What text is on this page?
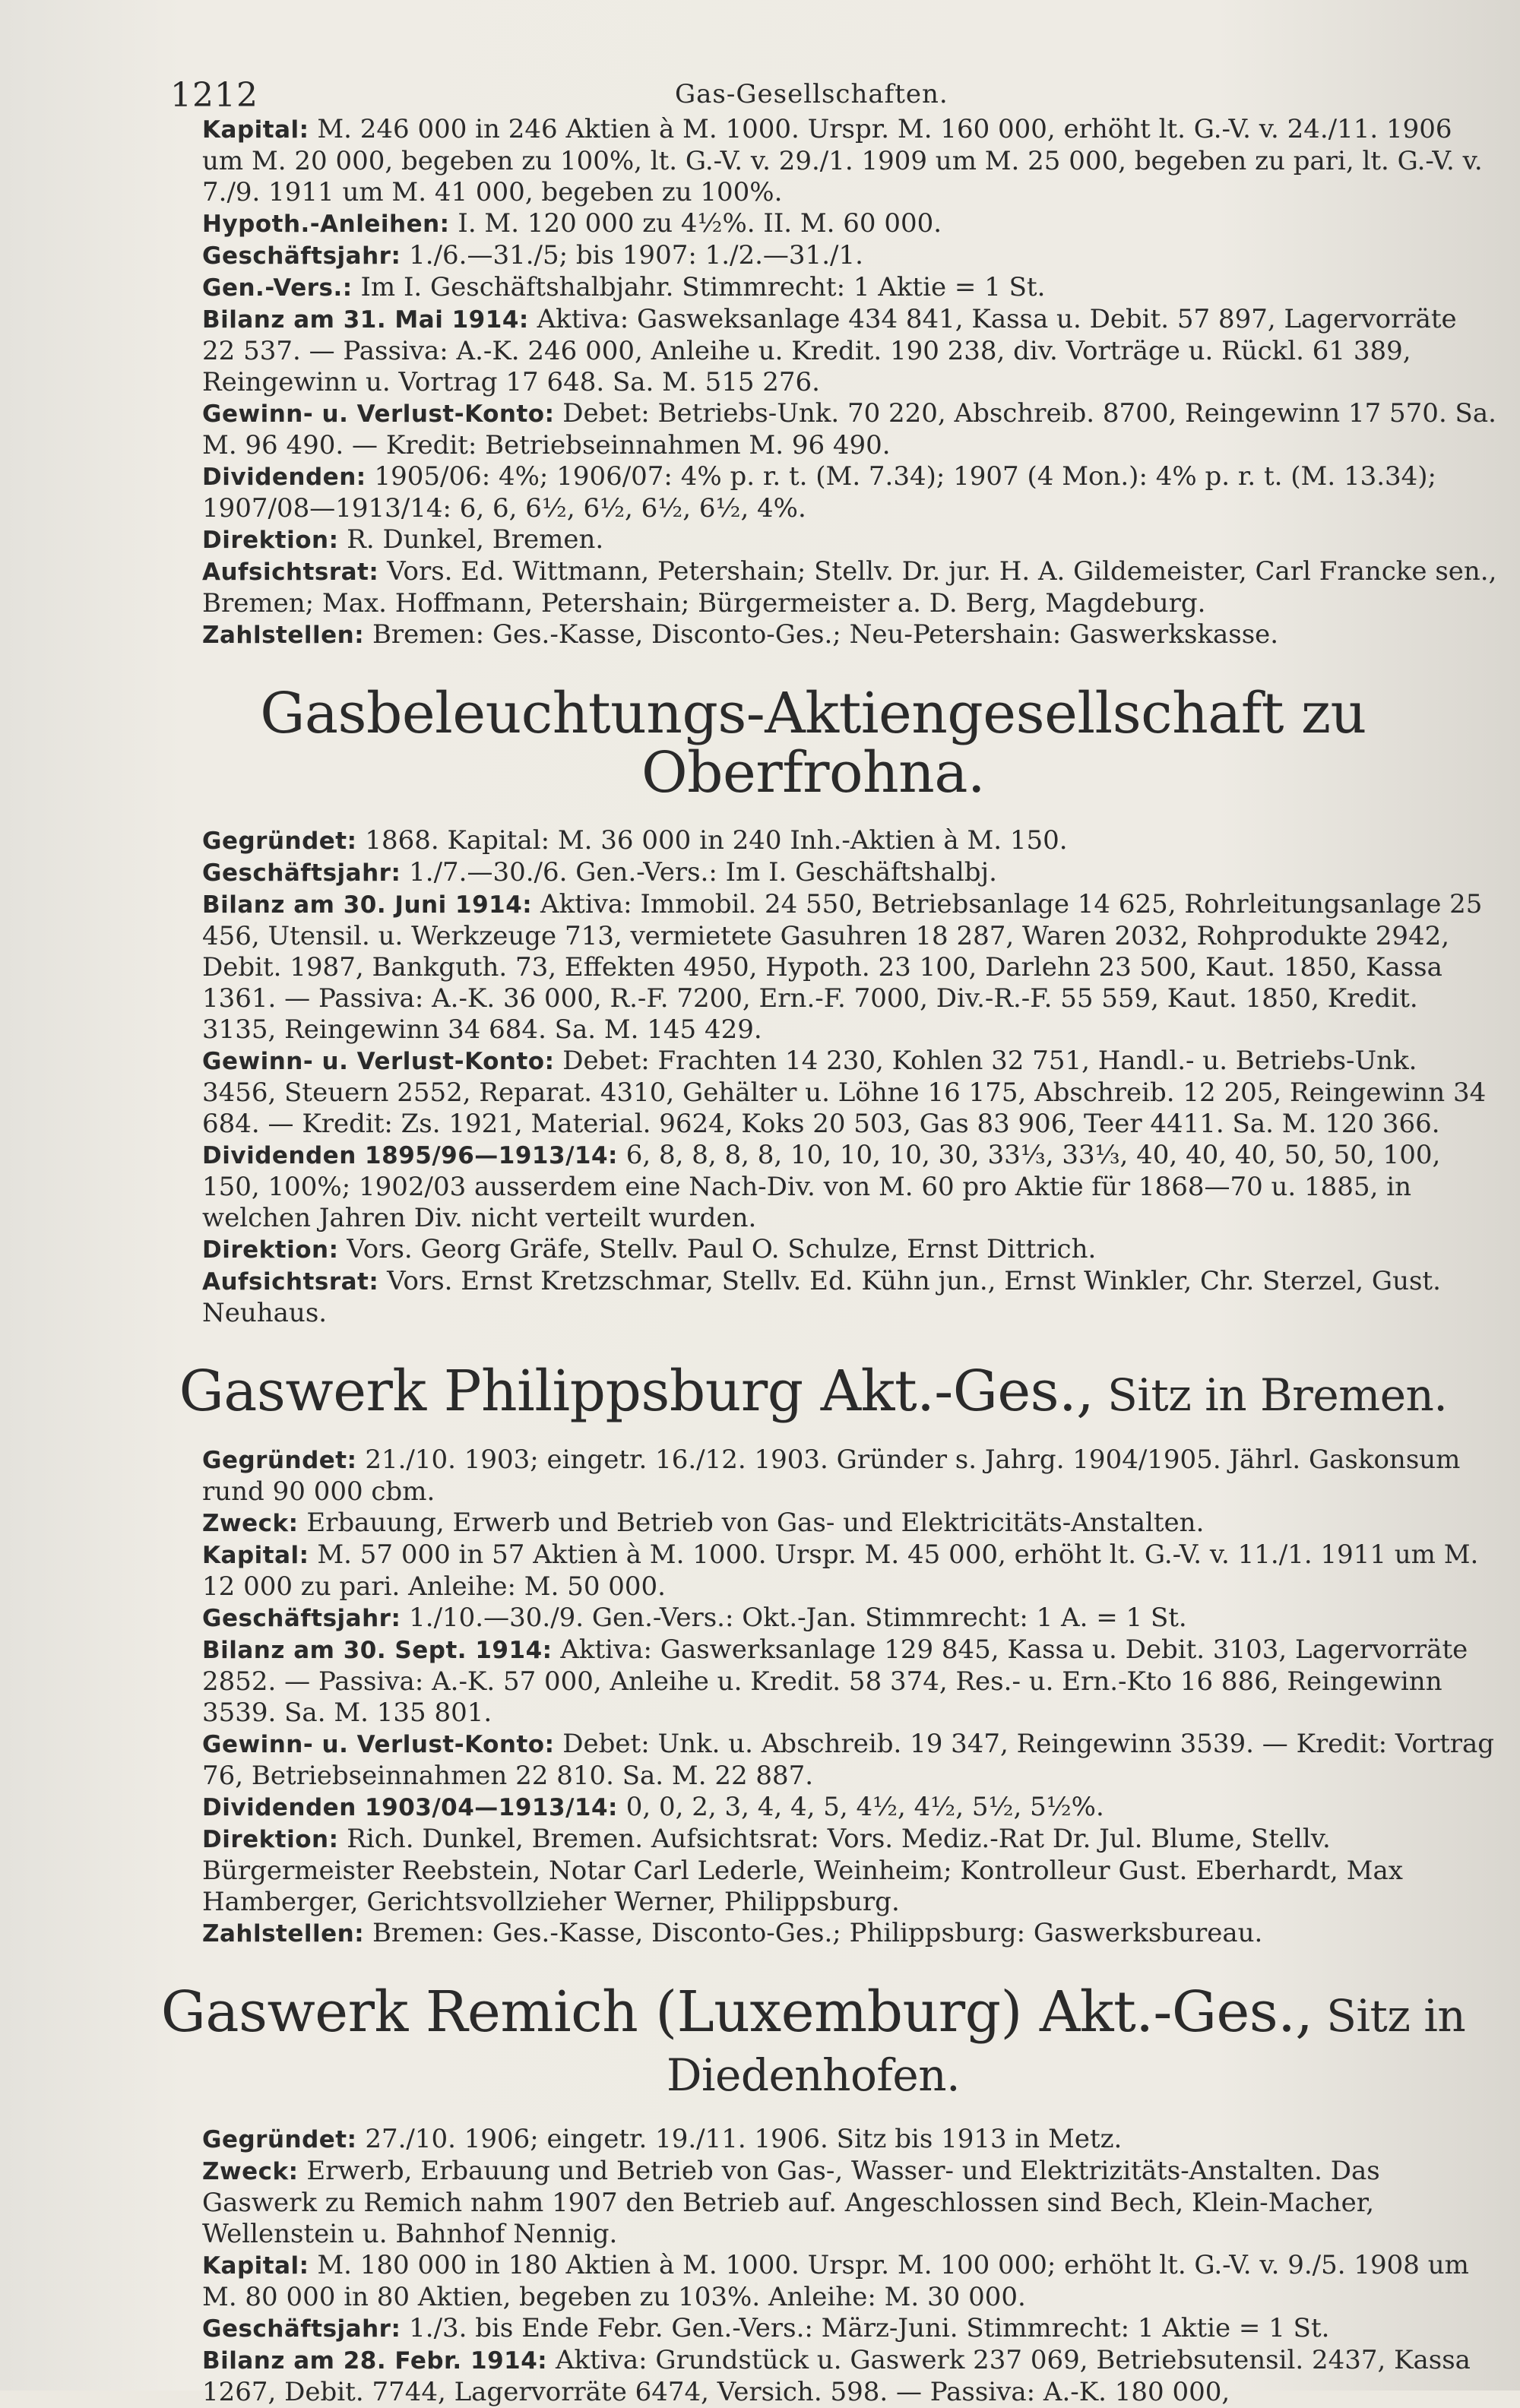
1212	Gas-Gesellschaften.

Kapital: M. 246 000 in 246 Aktien à M. 1000. Urspr. M. 160 000, erhöht lt. G.-V. v. 24./11. 1906 um M. 20 000, begeben zu 100%, lt. G.-V. v. 29./1. 1909 um M. 25 000, begeben zu pari, lt. G.-V. v. 7./9. 1911 um M. 41 000, begeben zu 100%.

Hypoth.-Anleihen: I. M. 120 000 zu 4½%. II. M. 60 000.

Geschäftsjahr: 1./6.—31./5; bis 1907: 1./2.—31./1.

Gen.-Vers.: Im I. Geschäftshalbjahr. Stimmrecht: 1 Aktie = 1 St.

Bilanz am 31. Mai 1914: Aktiva: Gasweksanlage 434 841, Kassa u. Debit. 57 897, Lagervorräte 22 537. — Passiva: A.-K. 246 000, Anleihe u. Kredit. 190 238, div. Vorträge u. Rückl. 61 389, Reingewinn u. Vortrag 17 648. Sa. M. 515 276.

Gewinn- u. Verlust-Konto: Debet: Betriebs-Unk. 70 220, Abschreib. 8700, Reingewinn 17 570. Sa. M. 96 490. — Kredit: Betriebseinnahmen M. 96 490.

Dividenden: 1905/06: 4%; 1906/07: 4% p. r. t. (M. 7.34); 1907 (4 Mon.): 4% p. r. t. (M. 13.34); 1907/08—1913/14: 6, 6, 6½, 6½, 6½, 6½, 4%.

Direktion: R. Dunkel, Bremen.

Aufsichtsrat: Vors. Ed. Wittmann, Petershain; Stellv. Dr. jur. H. A. Gildemeister, Carl Francke sen., Bremen; Max. Hoffmann, Petershain; Bürgermeister a. D. Berg, Magdeburg.

Zahlstellen: Bremen: Ges.-Kasse, Disconto-Ges.; Neu-Petershain: Gaswerkskasse.

Gasbeleuchtungs-Aktiengesellschaft zu Oberfrohna.

Gegründet: 1868. Kapital: M. 36 000 in 240 Inh.-Aktien à M. 150.

Geschäftsjahr: 1./7.—30./6. Gen.-Vers.: Im I. Geschäftshalbj.

Bilanz am 30. Juni 1914: Aktiva: Immobil. 24 550, Betriebsanlage 14 625, Rohrleitungsanlage 25 456, Utensil. u. Werkzeuge 713, vermietete Gasuhren 18 287, Waren 2032, Rohprodukte 2942, Debit. 1987, Bankguth. 73, Effekten 4950, Hypoth. 23 100, Darlehn 23 500, Kaut. 1850, Kassa 1361. — Passiva: A.-K. 36 000, R.-F. 7200, Ern.-F. 7000, Div.-R.-F. 55 559, Kaut. 1850, Kredit. 3135, Reingewinn 34 684. Sa. M. 145 429.

Gewinn- u. Verlust-Konto: Debet: Frachten 14 230, Kohlen 32 751, Handl.- u. Betriebs-Unk. 3456, Steuern 2552, Reparat. 4310, Gehälter u. Löhne 16 175, Abschreib. 12 205, Reingewinn 34 684. — Kredit: Zs. 1921, Material. 9624, Koks 20 503, Gas 83 906, Teer 4411. Sa. M. 120 366.

Dividenden 1895/96—1913/14: 6, 8, 8, 8, 8, 10, 10, 10, 30, 33⅓, 33⅓, 40, 40, 40, 50, 50, 100, 150, 100%; 1902/03 ausserdem eine Nach-Div. von M. 60 pro Aktie für 1868—70 u. 1885, in welchen Jahren Div. nicht verteilt wurden.

Direktion: Vors. Georg Gräfe, Stellv. Paul O. Schulze, Ernst Dittrich.

Aufsichtsrat: Vors. Ernst Kretzschmar, Stellv. Ed. Kühn jun., Ernst Winkler, Chr. Sterzel, Gust. Neuhaus.

Gaswerk Philippsburg Akt.-Ges., Sitz in Bremen.

Gegründet: 21./10. 1903; eingetr. 16./12. 1903. Gründer s. Jahrg. 1904/1905. Jährl. Gaskonsum rund 90 000 cbm.

Zweck: Erbauung, Erwerb und Betrieb von Gas- und Elektricitäts-Anstalten.

Kapital: M. 57 000 in 57 Aktien à M. 1000. Urspr. M. 45 000, erhöht lt. G.-V. v. 11./1. 1911 um M. 12 000 zu pari. Anleihe: M. 50 000.

Geschäftsjahr: 1./10.—30./9. Gen.-Vers.: Okt.-Jan. Stimmrecht: 1 A. = 1 St.

Bilanz am 30. Sept. 1914: Aktiva: Gaswerksanlage 129 845, Kassa u. Debit. 3103, Lagervorräte 2852. — Passiva: A.-K. 57 000, Anleihe u. Kredit. 58 374, Res.- u. Ern.-Kto 16 886, Reingewinn 3539. Sa. M. 135 801.

Gewinn- u. Verlust-Konto: Debet: Unk. u. Abschreib. 19 347, Reingewinn 3539. — Kredit: Vortrag 76, Betriebseinnahmen 22 810. Sa. M. 22 887.

Dividenden 1903/04—1913/14: 0, 0, 2, 3, 4, 4, 5, 4½, 4½, 5½, 5½%.

Direktion: Rich. Dunkel, Bremen. Aufsichtsrat: Vors. Mediz.-Rat Dr. Jul. Blume, Stellv. Bürgermeister Reebstein, Notar Carl Lederle, Weinheim; Kontrolleur Gust. Eberhardt, Max Hamberger, Gerichtsvollzieher Werner, Philippsburg.

Zahlstellen: Bremen: Ges.-Kasse, Disconto-Ges.; Philippsburg: Gaswerksbureau.

Gaswerk Remich (Luxemburg) Akt.-Ges., Sitz in Diedenhofen.

Gegründet: 27./10. 1906; eingetr. 19./11. 1906. Sitz bis 1913 in Metz.

Zweck: Erwerb, Erbauung und Betrieb von Gas-, Wasser- und Elektrizitäts-Anstalten. Das Gaswerk zu Remich nahm 1907 den Betrieb auf. Angeschlossen sind Bech, Klein-Macher, Wellenstein u. Bahnhof Nennig.

Kapital: M. 180 000 in 180 Aktien à M. 1000. Urspr. M. 100 000; erhöht lt. G.-V. v. 9./5. 1908 um M. 80 000 in 80 Aktien, begeben zu 103%. Anleihe: M. 30 000.

Geschäftsjahr: 1./3. bis Ende Febr. Gen.-Vers.: März-Juni. Stimmrecht: 1 Aktie = 1 St.

Bilanz am 28. Febr. 1914: Aktiva: Grundstück u. Gaswerk 237 069, Betriebsutensil. 2437, Kassa 1267, Debit. 7744, Lagervorräte 6474, Versich. 598. — Passiva: A.-K. 180 000,
